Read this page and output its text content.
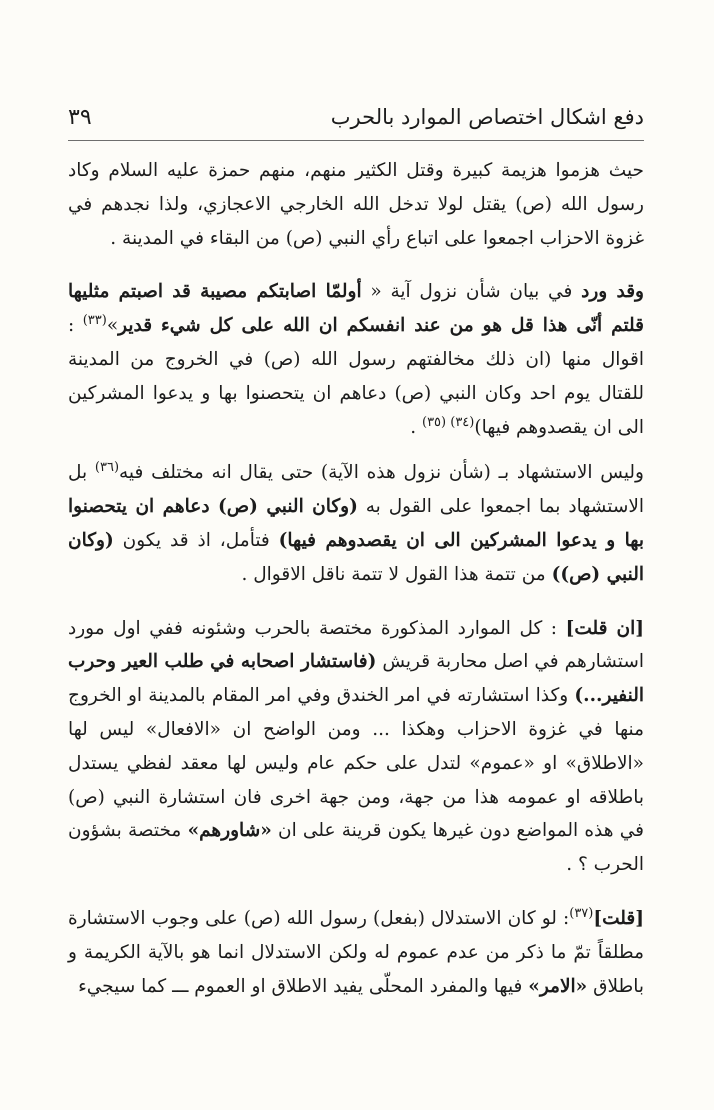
دفع اشكال اختصاص الموارد بالحرب
٣٩

حيث هزموا هزيمة كبيرة وقتل الكثير منهم، منهم حمزة عليه السلام وكاد رسول الله (ص) يقتل لولا تدخل الله الخارجي الاعجازي، ولذا نجدهم في غزوة الاحزاب اجمعوا على اتباع رأي النبي (ص) من البقاء في المدينة .

وقد ورد في بيان شأن نزول آية « أولمّا اصابتكم مصيبة قد اصبتم مثليها قلتم أنّى هذا قل هو من عند انفسكم ان الله على كل شيء قدير»$^{(٣٣)}$ : اقوال منها (ان ذلك مخالفتهم رسول الله (ص) في الخروج من المدينة للقتال يوم احد وكان النبي (ص) دعاهم ان يتحصنوا بها و يدعوا المشركين الى ان يقصدوهم فيها)$^{(٣٤) (٣٥)}$ .

وليس الاستشهاد بـ (شأن نزول هذه الآية) حتى يقال انه مختلف فيه$^{(٣٦)}$ بل الاستشهاد بما اجمعوا على القول به (وكان النبي (ص) دعاهم ان يتحصنوا بها و يدعوا المشركين الى ان يقصدوهم فيها) فتأمل، اذ قد يكون (وكان النبي (ص)) من تتمة هذا القول لا تتمة ناقل الاقوال .

[ان قلت] : كل الموارد المذكورة مختصة بالحرب وشئونه ففي اول مورد استشارهم في اصل محاربة قريش (فاستشار اصحابه في طلب العير وحرب النفير...) وكذا استشارته في امر الخندق وفي امر المقام بالمدينة او الخروج منها في غزوة الاحزاب وهكذا ... ومن الواضح ان «الافعال» ليس لها «الاطلاق» او «عموم» لتدل على حكم عام وليس لها معقد لفظي يستدل باطلاقه او عمومه هذا من جهة، ومن جهة اخرى فان استشارة النبي (ص) في هذه المواضع دون غيرها يكون قرينة على ان «شاورهم» مختصة بشؤون الحرب ؟ .

[قلت]$^{(٣٧)}$: لو كان الاستدلال (بفعل) رسول الله (ص) على وجوب الاستشارة مطلقاً تمّ ما ذكر من عدم عموم له ولكن الاستدلال انما هو بالآية الكريمة و باطلاق «الامر» فيها والمفرد المحلّى يفيد الاطلاق او العموم ـــ كما سيجيء
